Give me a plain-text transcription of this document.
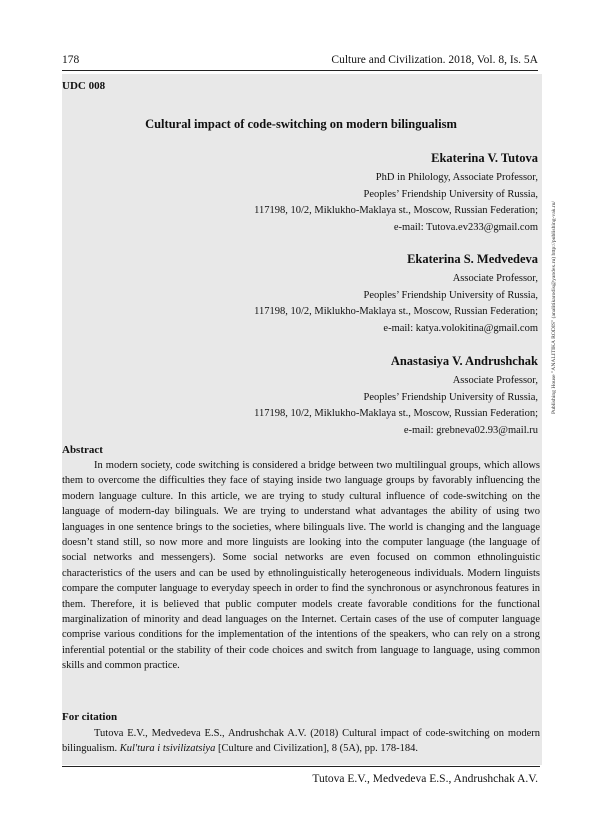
178	Culture and Civilization. 2018, Vol. 8, Is. 5A
UDC 008
Cultural impact of code-switching on modern bilingualism
Ekaterina V. Tutova
PhD in Philology, Associate Professor,
Peoples’ Friendship University of Russia,
117198, 10/2, Miklukho-Maklaya st., Moscow, Russian Federation;
e-mail: Tutova.ev233@gmail.com
Ekaterina S. Medvedeva
Associate Professor,
Peoples’ Friendship University of Russia,
117198, 10/2, Miklukho-Maklaya st., Moscow, Russian Federation;
e-mail: katya.volokitina@gmail.com
Anastasiya V. Andrushchak
Associate Professor,
Peoples’ Friendship University of Russia,
117198, 10/2, Miklukho-Maklaya st., Moscow, Russian Federation;
e-mail: grebneva02.93@mail.ru
Abstract

In modern society, code switching is considered a bridge between two multilingual groups, which allows them to overcome the difficulties they face of staying inside two language groups by favorably influencing the modern language culture. In this article, we are trying to study cultural influence of code-switching on the language of modern-day bilinguals. We are trying to understand what advantages the ability of using two languages in one sentence brings to the societies, where bilinguals live. The world is changing and the language doesn’t stand still, so now more and more linguists are looking into the computer language (the language of social networks and messengers). Some social networks are even focused on common ethnolinguistic characteristics of the users and can be used by ethnolinguistically heterogeneous individuals. Modern linguists compare the computer language to everyday speech in order to find the synchronous or asynchronous features in them. Therefore, it is believed that public computer models create favorable conditions for the functional marginalization of minority and dead languages on the Internet. Certain cases of the use of computer language comprise various conditions for the implementation of the intentions of the speakers, who can rely on a strong inferential potential or the stability of their code choices and switch from language to language, using common skills and common practice.

For citation

Tutova E.V., Medvedeva E.S., Andrushchak A.V. (2018) Cultural impact of code-switching on modern bilingualism. Kul'tura i tsivilizatsiya [Culture and Civilization], 8 (5A), pp. 178-184.

Tutova E.V., Medvedeva E.S., Andrushchak A.V.
Publishing House "ANALITIKA RODIS" (analitikarodis@yandex.ru) http://publishing-vak.ru/
